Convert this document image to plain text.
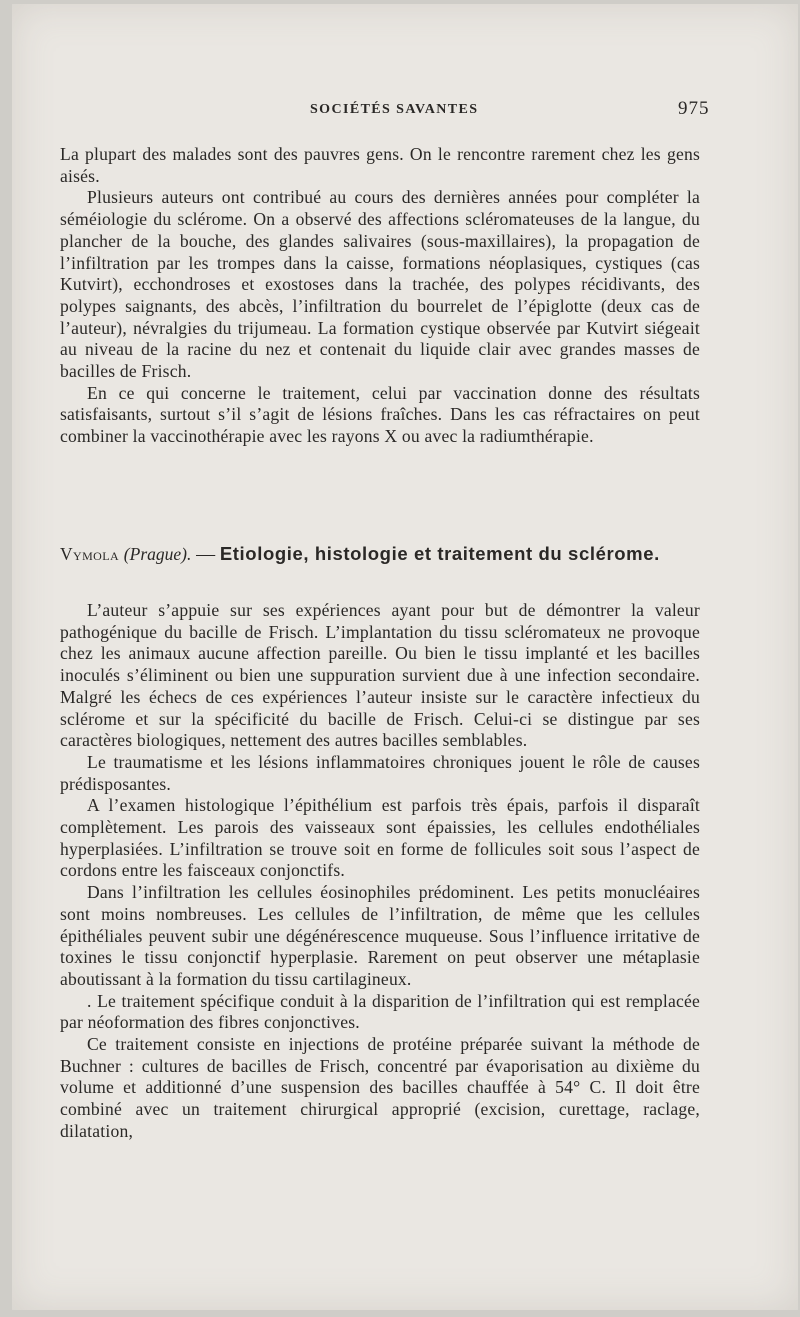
SOCIÉTÉS SAVANTES	975

La plupart des malades sont des pauvres gens. On le rencontre rarement chez les gens aisés.

Plusieurs auteurs ont contribué au cours des dernières années pour compléter la séméiologie du sclérome. On a observé des affections scléromateuses de la langue, du plancher de la bouche, des glandes salivaires (sous-maxillaires), la propagation de l’infiltration par les trompes dans la caisse, formations néoplasiques, cystiques (cas Kutvirt), ecchondroses et exostoses dans la trachée, des polypes récidivants, des polypes saignants, des abcès, l’infiltration du bourrelet de l’épiglotte (deux cas de l’auteur), névralgies du trijumeau. La formation cystique observée par Kutvirt siégeait au niveau de la racine du nez et contenait du liquide clair avec grandes masses de bacilles de Frisch.

En ce qui concerne le traitement, celui par vaccination donne des résultats satisfaisants, surtout s’il s’agit de lésions fraîches. Dans les cas réfractaires on peut combiner la vaccinothérapie avec les rayons X ou avec la radiumthérapie.

Vymola (Prague). — Etiologie, histologie et traitement du sclérome.

L’auteur s’appuie sur ses expériences ayant pour but de démontrer la valeur pathogénique du bacille de Frisch. L’implantation du tissu scléromateux ne provoque chez les animaux aucune affection pareille. Ou bien le tissu implanté et les bacilles inoculés s’éliminent ou bien une suppuration survient due à une infection secondaire. Malgré les échecs de ces expériences l’auteur insiste sur le caractère infectieux du sclérome et sur la spécificité du bacille de Frisch. Celui-ci se distingue par ses caractères biologiques, nettement des autres bacilles semblables.

Le traumatisme et les lésions inflammatoires chroniques jouent le rôle de causes prédisposantes.

A l’examen histologique l’épithélium est parfois très épais, parfois il disparaît complètement. Les parois des vaisseaux sont épaissies, les cellules endothéliales hyperplasiées. L’infiltration se trouve soit en forme de follicules soit sous l’aspect de cordons entre les faisceaux conjonctifs.

Dans l’infiltration les cellules éosinophiles prédominent. Les petits monucléaires sont moins nombreuses. Les cellules de l’infiltration, de même que les cellules épithéliales peuvent subir une dégénérescence muqueuse. Sous l’influence irritative de toxines le tissu conjonctif hyperplasie. Rarement on peut observer une métaplasie aboutissant à la formation du tissu cartilagineux.

. Le traitement spécifique conduit à la disparition de l’infiltration qui est remplacée par néoformation des fibres conjonctives.

Ce traitement consiste en injections de protéine préparée suivant la méthode de Buchner : cultures de bacilles de Frisch, concentré par évaporisation au dixième du volume et additionné d’une suspension des bacilles chauffée à 54° C. Il doit être combiné avec un traitement chirurgical approprié (excision, curettage, raclage, dilatation,
